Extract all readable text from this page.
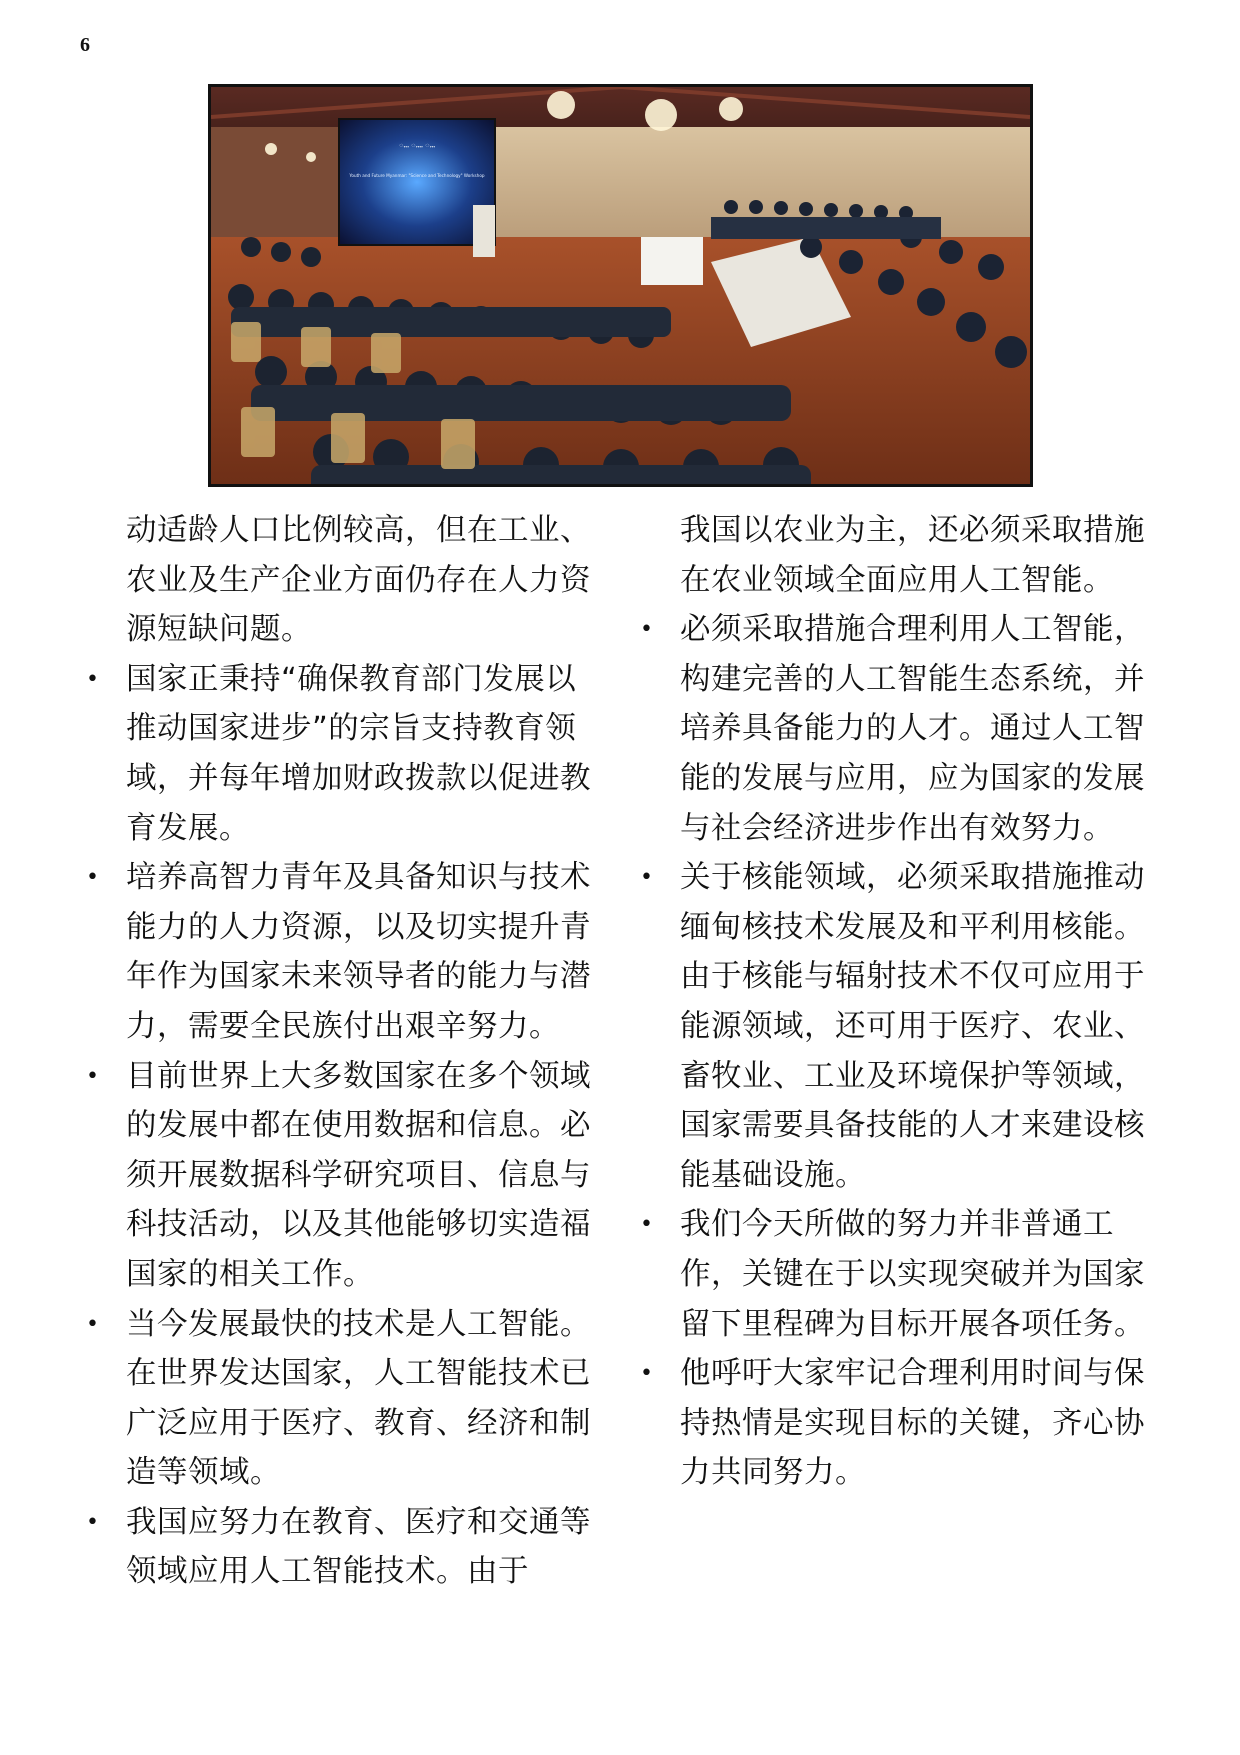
6
ꩻꩻꩻ ꩻꩻꩻꩻ ꩻꩻꩻ
Youth and Future Myanmar: "Science and Technology" Workshop

动适龄人口比例较高，但在工业、农业及生产企业方面仍存在人力资源短缺问题。

• 国家正秉持“确保教育部门发展以推动国家进步”的宗旨支持教育领域，并每年增加财政拨款以促进教育发展。

• 培养高智力青年及具备知识与技术能力的人力资源，以及切实提升青年作为国家未来领导者的能力与潜力，需要全民族付出艰辛努力。

• 目前世界上大多数国家在多个领域的发展中都在使用数据和信息。必须开展数据科学研究项目、信息与科技活动，以及其他能够切实造福国家的相关工作。

• 当今发展最快的技术是人工智能。在世界发达国家，人工智能技术已广泛应用于医疗、教育、经济和制造等领域。

• 我国应努力在教育、医疗和交通等领域应用人工智能技术。由于

我国以农业为主，还必须采取措施在农业领域全面应用人工智能。

• 必须采取措施合理利用人工智能，构建完善的人工智能生态系统，并培养具备能力的人才。通过人工智能的发展与应用，应为国家的发展与社会经济进步作出有效努力。

• 关于核能领域，必须采取措施推动缅甸核技术发展及和平利用核能。由于核能与辐射技术不仅可应用于能源领域，还可用于医疗、农业、畜牧业、工业及环境保护等领域，国家需要具备技能的人才来建设核能基础设施。

• 我们今天所做的努力并非普通工作，关键在于以实现突破并为国家留下里程碑为目标开展各项任务。

• 他呼吁大家牢记合理利用时间与保持热情是实现目标的关键，齐心协力共同努力。
